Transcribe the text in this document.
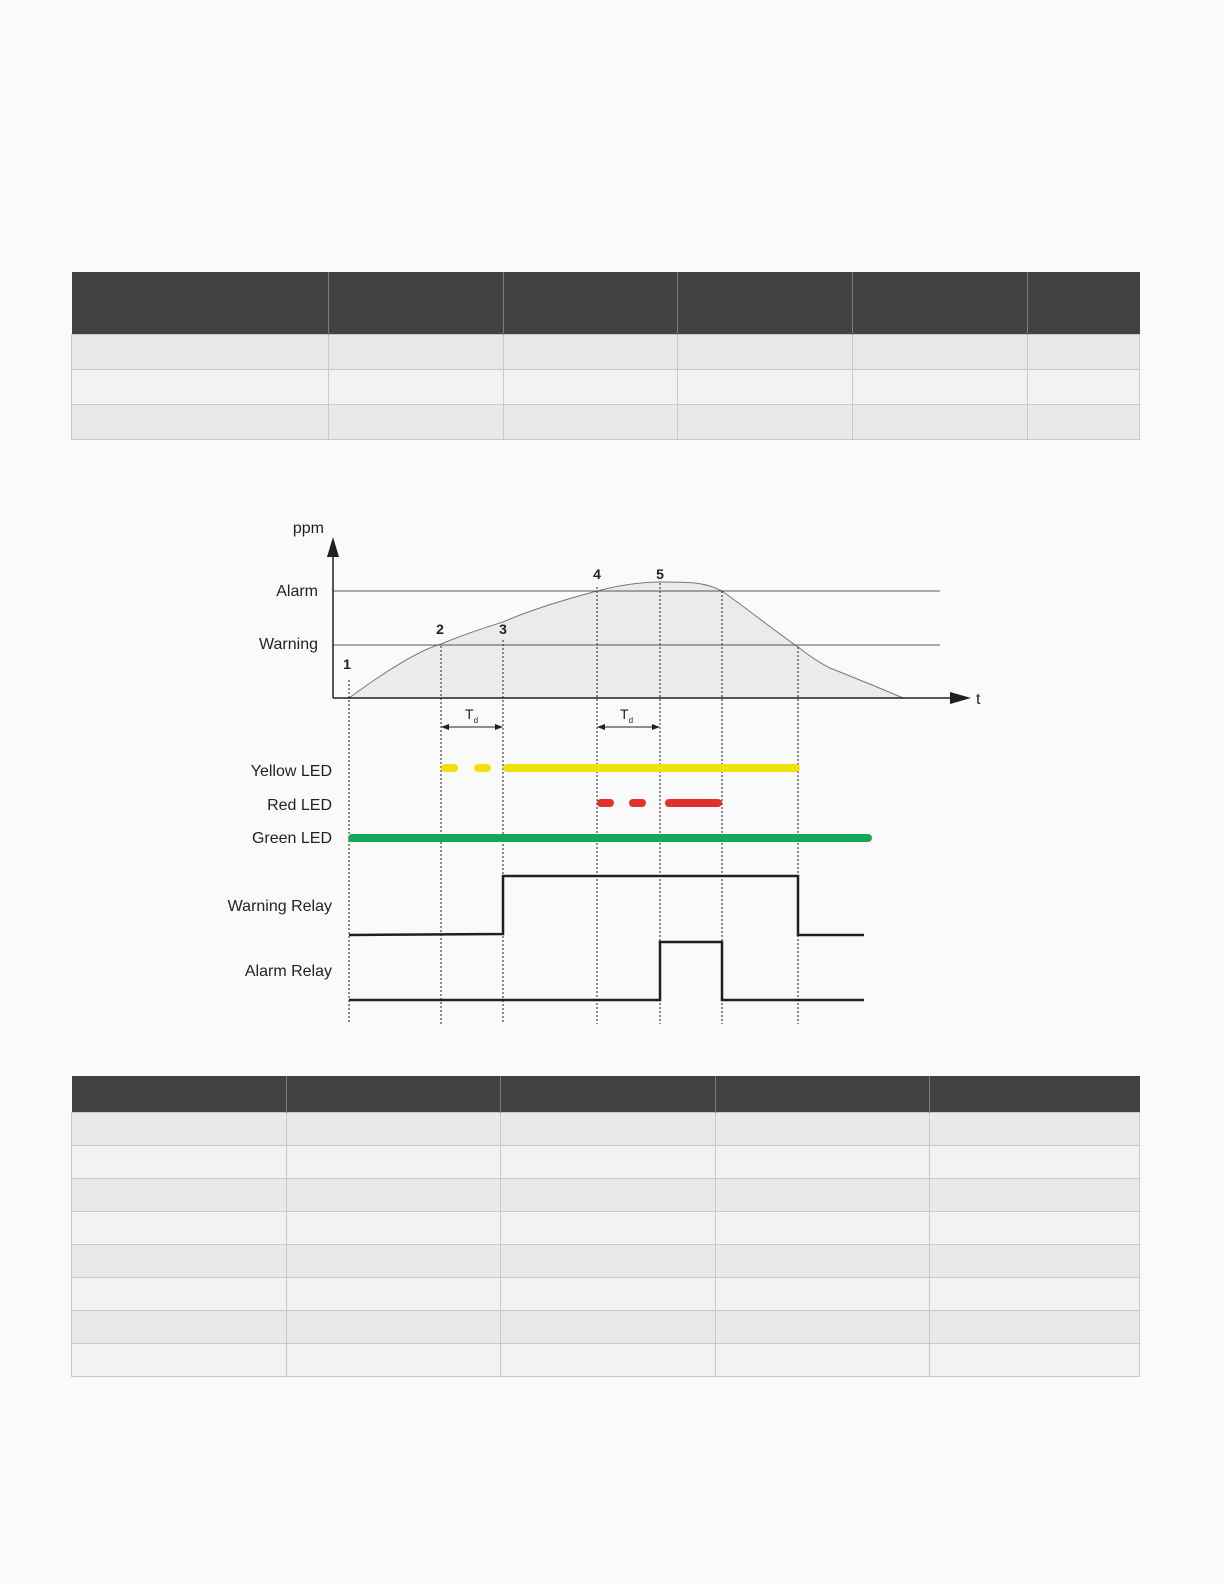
ppm
t
Alarm
Warning
1
2	3
4	5
$T_d$	$T_d$
Yellow LED
Red LED
Green LED
Warning Relay
Alarm Relay
